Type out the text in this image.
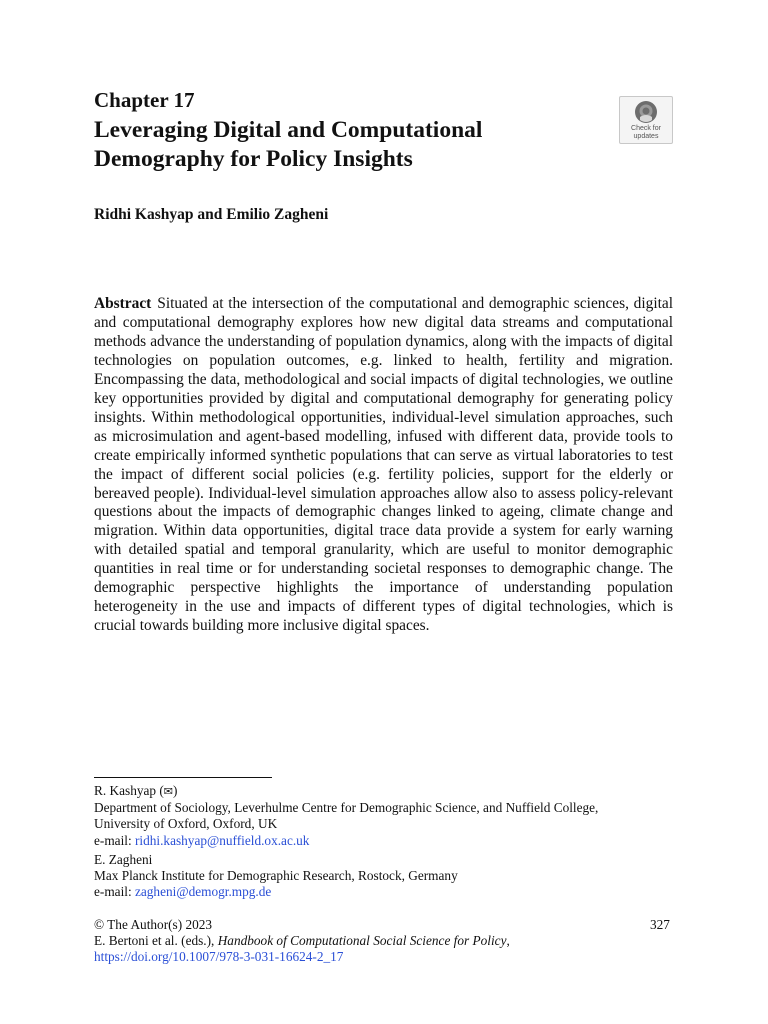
Chapter 17

Leveraging Digital and Computational
Demography for Policy Insights
Check for
updates

Ridhi Kashyap and Emilio Zagheni

Abstract Situated at the intersection of the computational and demographic sciences, digital and computational demography explores how new digital data streams and computational methods advance the understanding of population dynamics, along with the impacts of digital technologies on population outcomes, e.g. linked to health, fertility and migration. Encompassing the data, methodological and social impacts of digital technologies, we outline key opportunities provided by digital and computational demography for generating policy insights. Within methodological opportunities, individual-level simulation approaches, such as microsimulation and agent-based modelling, infused with different data, provide tools to create empirically informed synthetic populations that can serve as virtual laboratories to test the impact of different social policies (e.g. fertility policies, support for the elderly or bereaved people). Individual-level simulation approaches allow also to assess policy-relevant questions about the impacts of demographic changes linked to ageing, climate change and migration. Within data opportunities, digital trace data provide a system for early warning with detailed spatial and temporal granularity, which are useful to monitor demographic quantities in real time or for understanding societal responses to demographic change. The demographic perspective highlights the importance of understanding population heterogeneity in the use and impacts of different types of digital technologies, which is crucial towards building more inclusive digital spaces.

R. Kashyap (✉)
Department of Sociology, Leverhulme Centre for Demographic Science, and Nuffield College,
University of Oxford, Oxford, UK
e-mail: ridhi.kashyap@nuffield.ox.ac.uk
E. Zagheni
Max Planck Institute for Demographic Research, Rostock, Germany
e-mail: zagheni@demogr.mpg.de
© The Author(s) 2023
E. Bertoni et al. (eds.), Handbook of Computational Social Science for Policy,
https://doi.org/10.1007/978-3-031-16624-2_17

327
